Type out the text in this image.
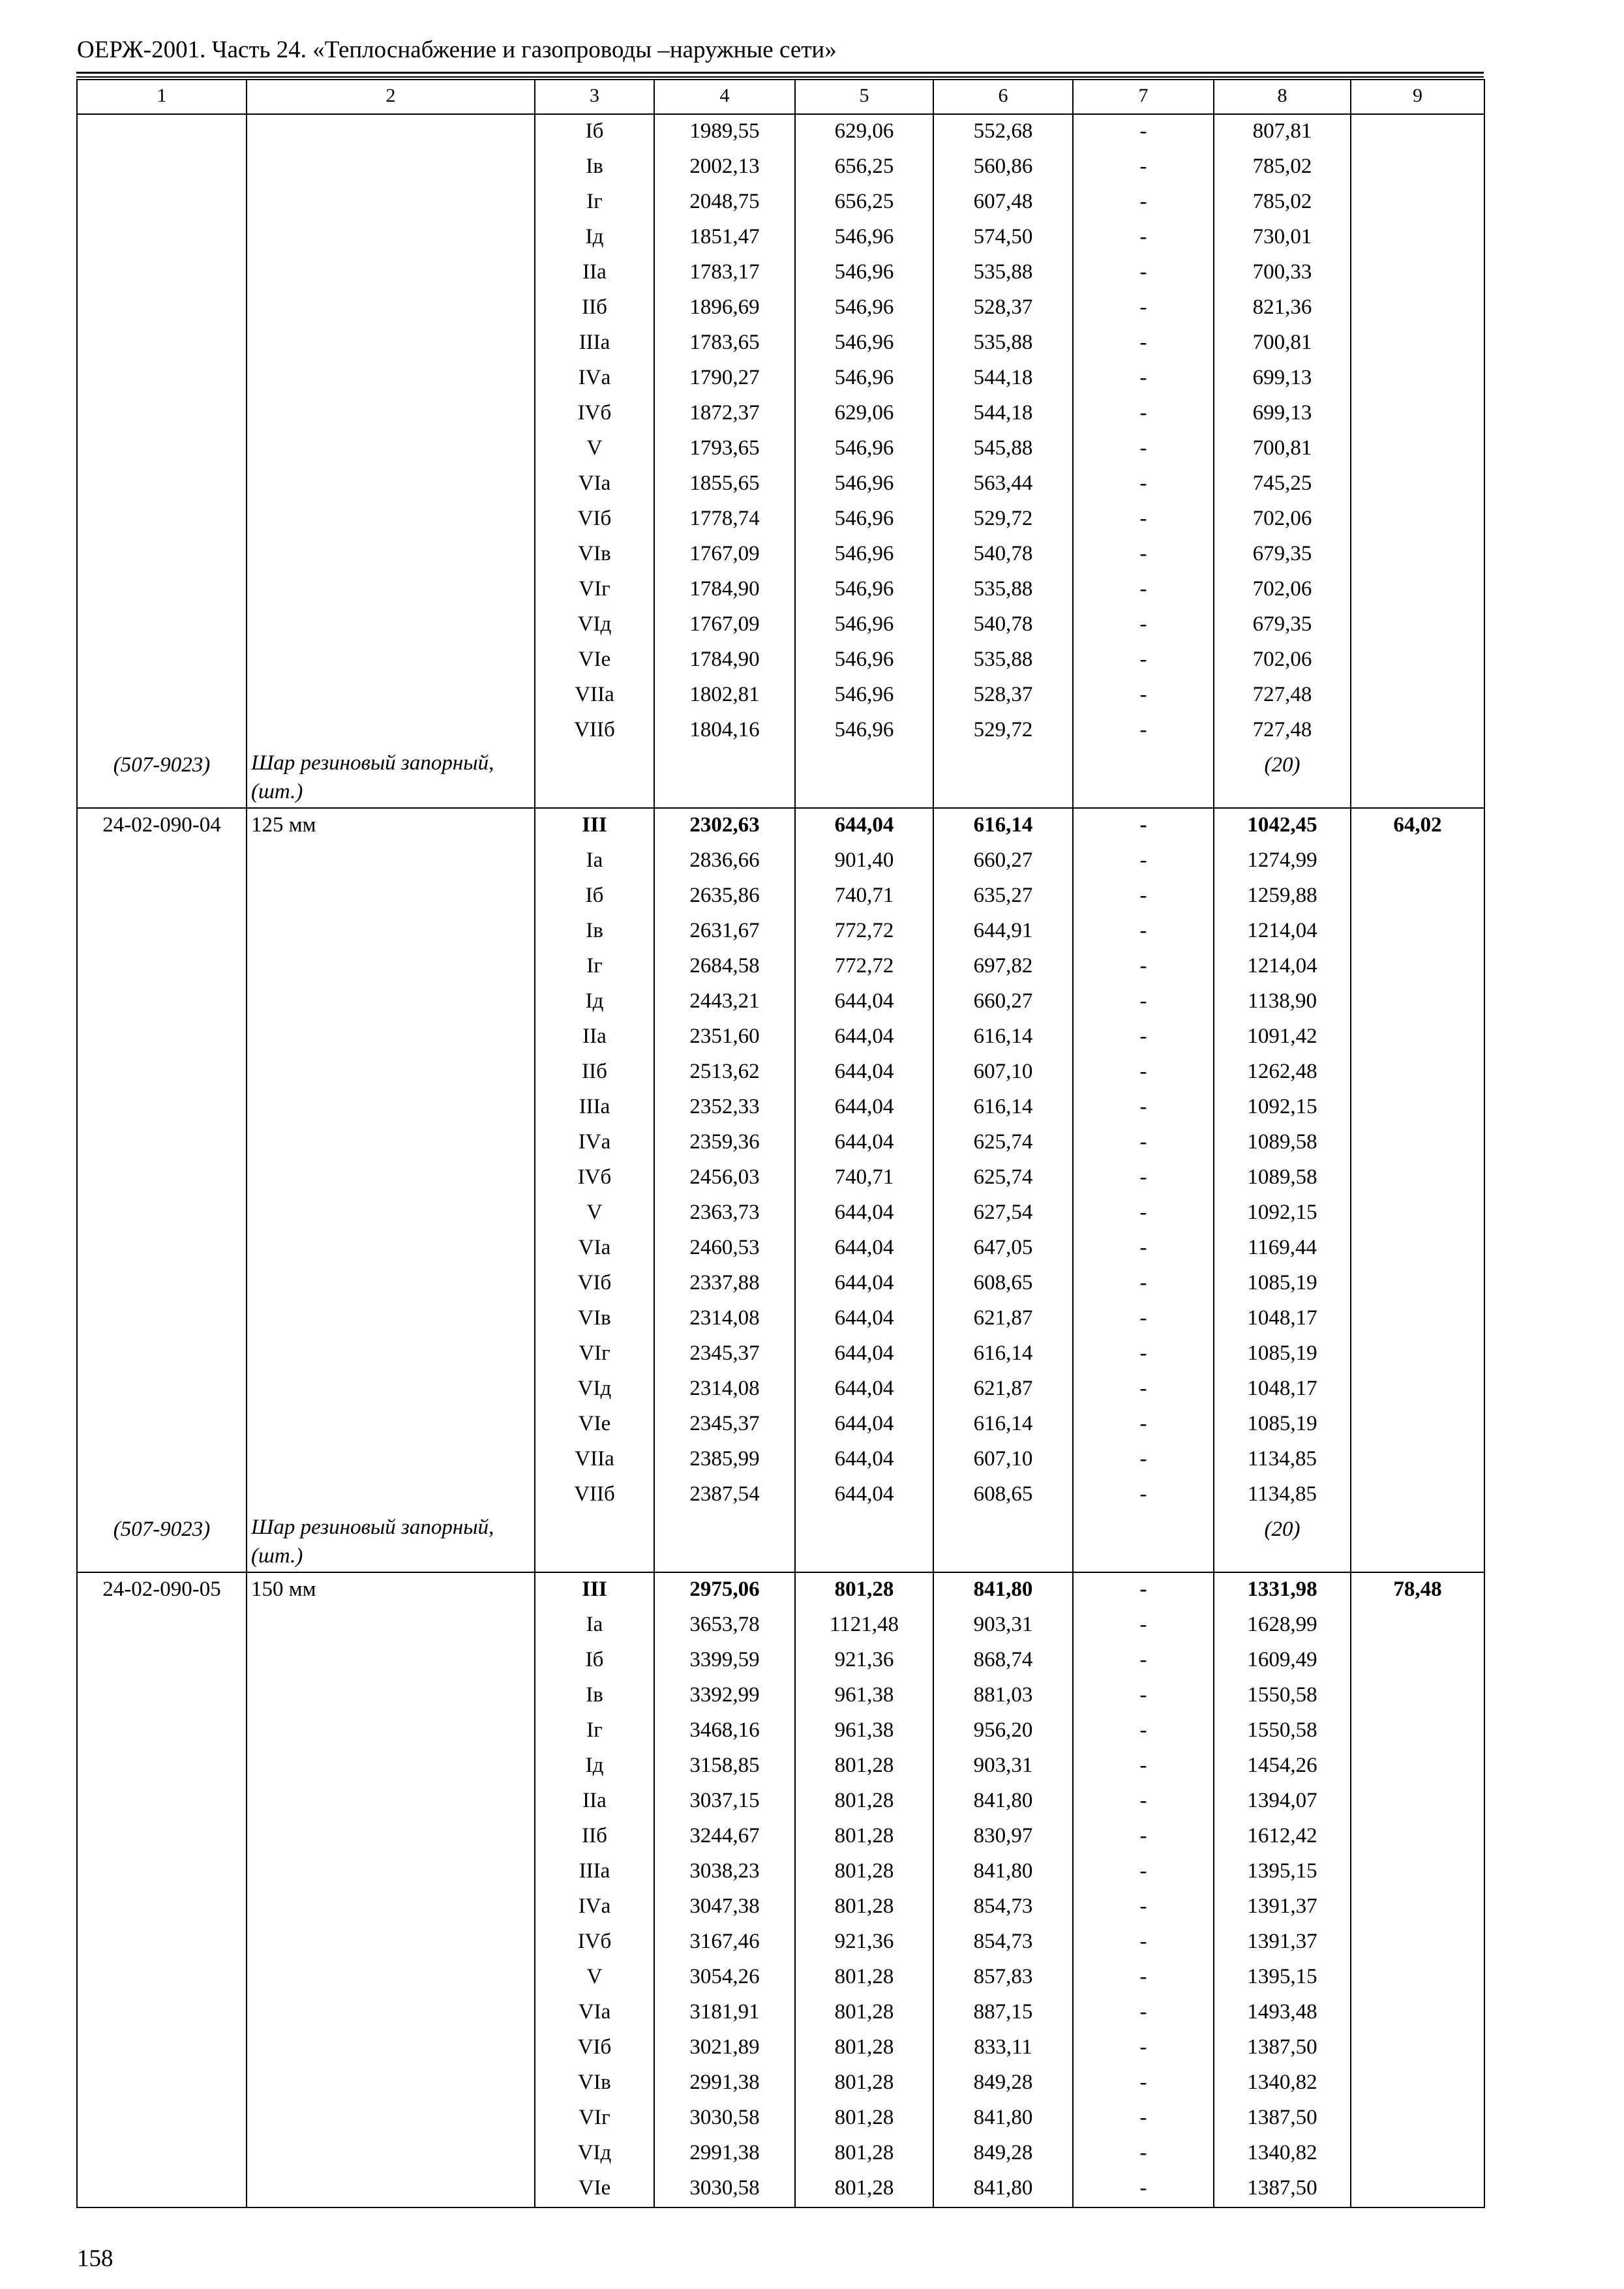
ОЕРЖ-2001. Часть 24. «Теплоснабжение и газопроводы –наружные сети»
1	2	3	4	5	6	7	8	9
		Iб	1989,55	629,06	552,68	-	807,81	
		Iв	2002,13	656,25	560,86	-	785,02	
		Iг	2048,75	656,25	607,48	-	785,02	
		Iд	1851,47	546,96	574,50	-	730,01	
		IIа	1783,17	546,96	535,88	-	700,33	
		IIб	1896,69	546,96	528,37	-	821,36	
		IIIа	1783,65	546,96	535,88	-	700,81	
		IVа	1790,27	546,96	544,18	-	699,13	
		IVб	1872,37	629,06	544,18	-	699,13	
		V	1793,65	546,96	545,88	-	700,81	
		VIа	1855,65	546,96	563,44	-	745,25	
		VIб	1778,74	546,96	529,72	-	702,06	
		VIв	1767,09	546,96	540,78	-	679,35	
		VIг	1784,90	546,96	535,88	-	702,06	
		VIд	1767,09	546,96	540,78	-	679,35	
		VIе	1784,90	546,96	535,88	-	702,06	
		VIIа	1802,81	546,96	528,37	-	727,48	
		VIIб	1804,16	546,96	529,72	-	727,48	
(507-9023)	Шар резиновый запорный, (шт.)						(20)	
24-02-090-04	125 мм	III	2302,63	644,04	616,14	-	1042,45	64,02
		Iа	2836,66	901,40	660,27	-	1274,99	
		Iб	2635,86	740,71	635,27	-	1259,88	
		Iв	2631,67	772,72	644,91	-	1214,04	
		Iг	2684,58	772,72	697,82	-	1214,04	
		Iд	2443,21	644,04	660,27	-	1138,90	
		IIа	2351,60	644,04	616,14	-	1091,42	
		IIб	2513,62	644,04	607,10	-	1262,48	
		IIIа	2352,33	644,04	616,14	-	1092,15	
		IVа	2359,36	644,04	625,74	-	1089,58	
		IVб	2456,03	740,71	625,74	-	1089,58	
		V	2363,73	644,04	627,54	-	1092,15	
		VIа	2460,53	644,04	647,05	-	1169,44	
		VIб	2337,88	644,04	608,65	-	1085,19	
		VIв	2314,08	644,04	621,87	-	1048,17	
		VIг	2345,37	644,04	616,14	-	1085,19	
		VIд	2314,08	644,04	621,87	-	1048,17	
		VIе	2345,37	644,04	616,14	-	1085,19	
		VIIа	2385,99	644,04	607,10	-	1134,85	
		VIIб	2387,54	644,04	608,65	-	1134,85	
(507-9023)	Шар резиновый запорный, (шт.)						(20)	
24-02-090-05	150 мм	III	2975,06	801,28	841,80	-	1331,98	78,48
		Iа	3653,78	1121,48	903,31	-	1628,99	
		Iб	3399,59	921,36	868,74	-	1609,49	
		Iв	3392,99	961,38	881,03	-	1550,58	
		Iг	3468,16	961,38	956,20	-	1550,58	
		Iд	3158,85	801,28	903,31	-	1454,26	
		IIа	3037,15	801,28	841,80	-	1394,07	
		IIб	3244,67	801,28	830,97	-	1612,42	
		IIIа	3038,23	801,28	841,80	-	1395,15	
		IVа	3047,38	801,28	854,73	-	1391,37	
		IVб	3167,46	921,36	854,73	-	1391,37	
		V	3054,26	801,28	857,83	-	1395,15	
		VIа	3181,91	801,28	887,15	-	1493,48	
		VIб	3021,89	801,28	833,11	-	1387,50	
		VIв	2991,38	801,28	849,28	-	1340,82	
		VIг	3030,58	801,28	841,80	-	1387,50	
		VIд	2991,38	801,28	849,28	-	1340,82	
		VIе	3030,58	801,28	841,80	-	1387,50	
158
